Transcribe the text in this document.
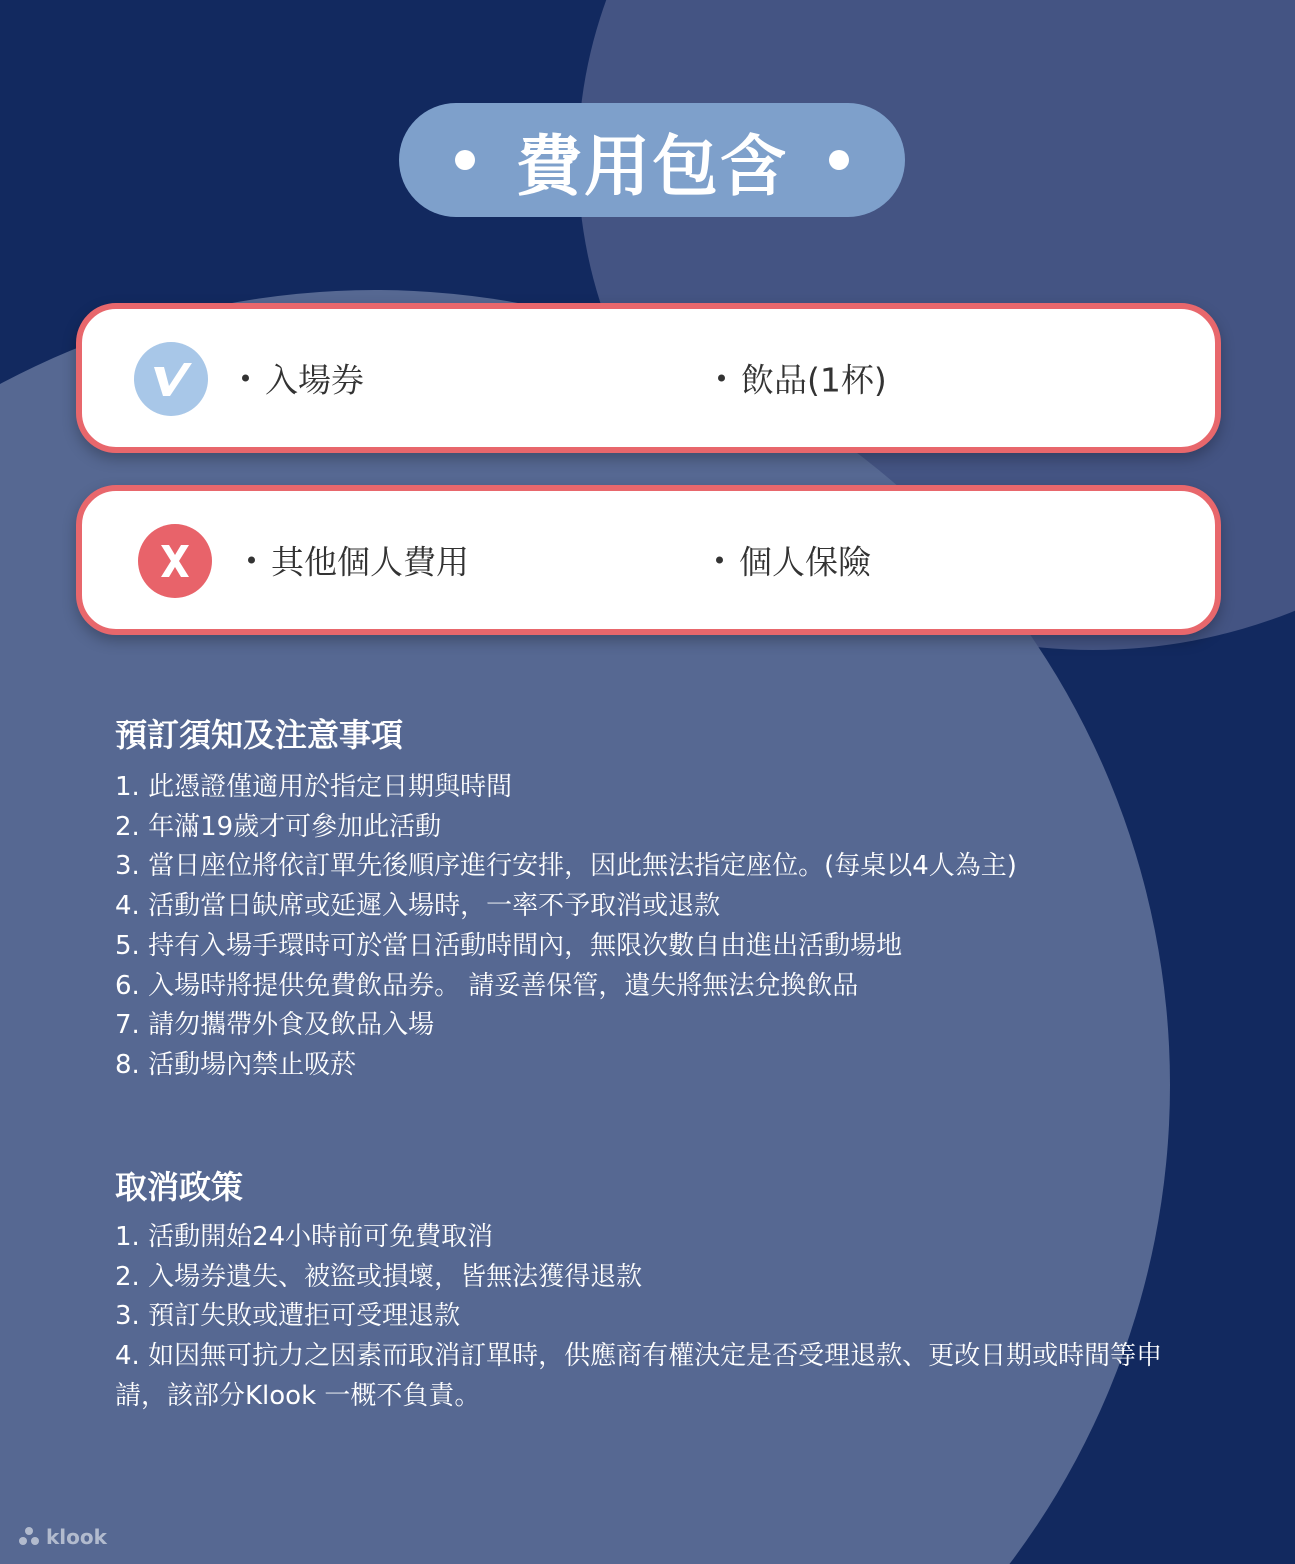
費用包含
入場券	飲品(1杯)
其他個人費用	個人保險
預訂須知及注意事項
1. 此憑證僅適用於指定日期與時間
2. 年滿19歲才可參加此活動
3. 當日座位將依訂單先後順序進行安排，因此無法指定座位。(每桌以4人為主)
4. 活動當日缺席或延遲入場時，一率不予取消或退款
5. 持有入場手環時可於當日活動時間內，無限次數自由進出活動場地
6. 入場時將提供免費飲品券。 請妥善保管，遺失將無法兌換飲品
7. 請勿攜帶外食及飲品入場
8. 活動場內禁止吸菸
取消政策
1. 活動開始24小時前可免費取消
2. 入場券遺失、被盜或損壞，皆無法獲得退款
3. 預訂失敗或遭拒可受理退款
4. 如因無可抗力之因素而取消訂單時，供應商有權決定是否受理退款、更改日期或時間等申請，該部分Klook 一概不負責。
klook
